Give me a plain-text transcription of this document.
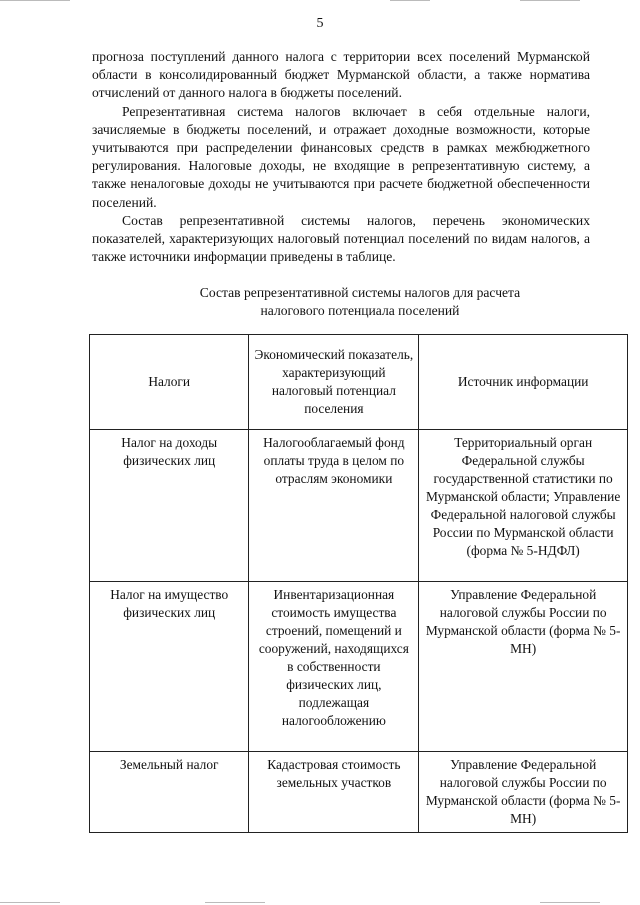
5

прогноза поступлений данного налога с территории всех поселений Мурманской области в консолидированный бюджет Мурманской области, а также норматива отчислений от данного налога в бюджеты поселений.

Репрезентативная система налогов включает в себя отдельные налоги, зачисляемые в бюджеты поселений, и отражает доходные возможности, которые учитываются при распределении финансовых средств в рамках межбюджетного регулирования. Налоговые доходы, не входящие в репрезентативную систему, а также неналоговые доходы не учитываются при расчете бюджетной обеспеченности поселений.

Состав репрезентативной системы налогов, перечень экономических показателей, характеризующих налоговый потенциал поселений по видам налогов, а также источники информации приведены в таблице.

Состав репрезентативной системы налогов для расчета
налогового потенциала поселений
Налоги	Экономический показатель, характеризующий налоговый потенциал поселения	Источник информации
Налог на доходы физических лиц	Налогооблагаемый фонд оплаты труда в целом по отраслям экономики	Территориальный орган Федеральной службы государственной статистики по Мурманской области; Управление Федеральной налоговой службы России по Мурманской области (форма № 5-НДФЛ)
Налог на имущество физических лиц	Инвентаризационная стоимость имущества строений, помещений и сооружений, находящихся в собственности физических лиц, подлежащая налогообложению	Управление Федеральной налоговой службы России по Мурманской области (форма № 5-МН)
Земельный налог	Кадастровая стоимость земельных участков	Управление Федеральной налоговой службы России по Мурманской области (форма № 5-МН)
